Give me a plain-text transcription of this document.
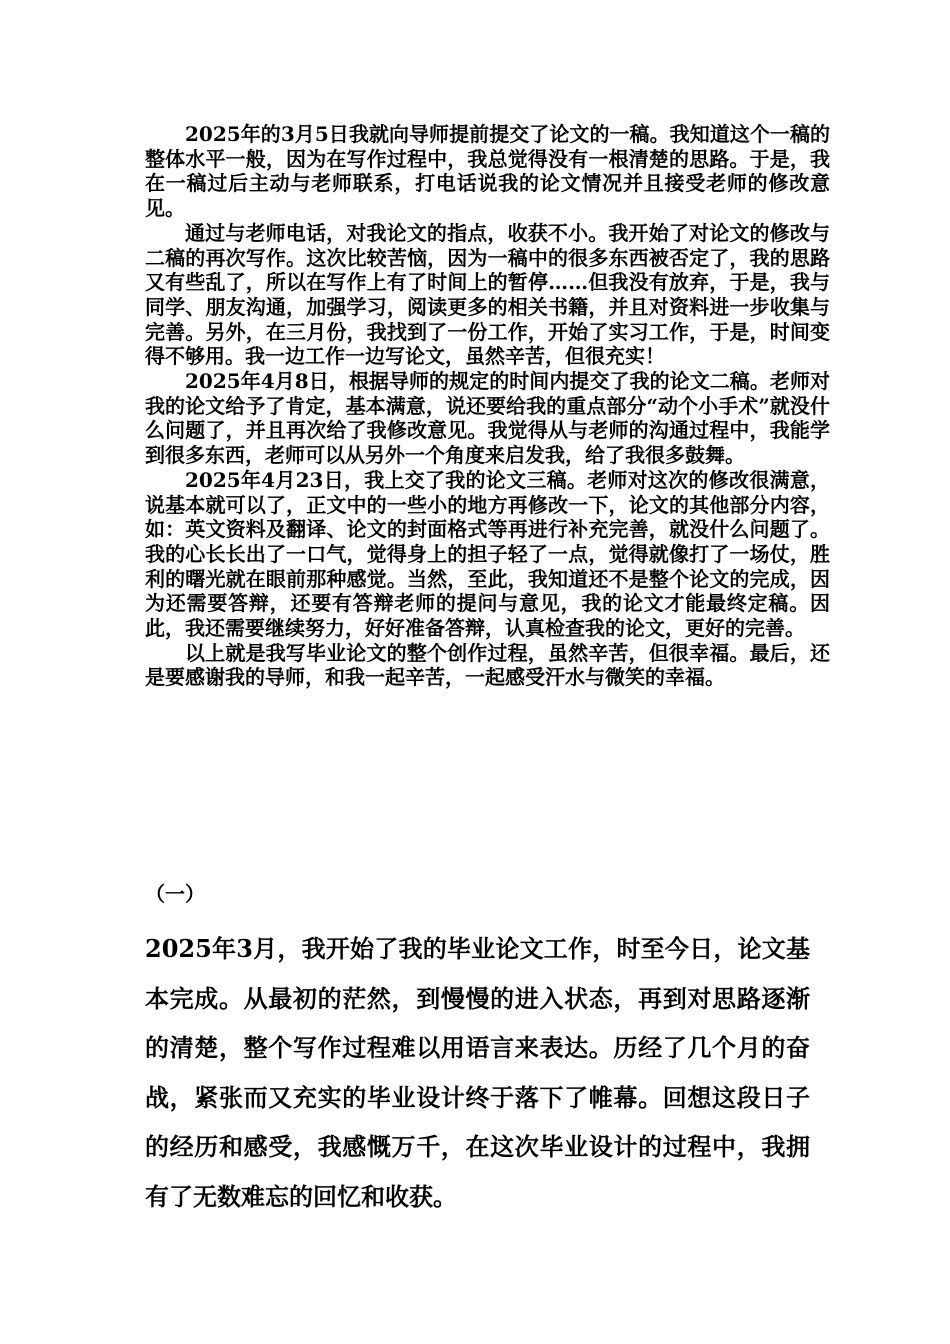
2025年的3月5日我就向导师提前提交了论文的一稿。我知道这个一稿的整体水平一般，因为在写作过程中，我总觉得没有一根清楚的思路。于是，我在一稿过后主动与老师联系，打电话说我的论文情况并且接受老师的修改意见。

通过与老师电话，对我论文的指点，收获不小。我开始了对论文的修改与二稿的再次写作。这次比较苦恼，因为一稿中的很多东西被否定了，我的思路又有些乱了，所以在写作上有了时间上的暂停……但我没有放弃，于是，我与同学、朋友沟通，加强学习，阅读更多的相关书籍，并且对资料进一步收集与完善。另外，在三月份，我找到了一份工作，开始了实习工作，于是，时间变得不够用。我一边工作一边写论文，虽然辛苦，但很充实！

2025年4月8日，根据导师的规定的时间内提交了我的论文二稿。老师对我的论文给予了肯定，基本满意，说还要给我的重点部分“动个小手术”就没什么问题了，并且再次给了我修改意见。我觉得从与老师的沟通过程中，我能学到很多东西，老师可以从另外一个角度来启发我，给了我很多鼓舞。

2025年4月23日，我上交了我的论文三稿。老师对这次的修改很满意，说基本就可以了，正文中的一些小的地方再修改一下，论文的其他部分内容，如：英文资料及翻译、论文的封面格式等再进行补充完善，就没什么问题了。我的心长长出了一口气，觉得身上的担子轻了一点，觉得就像打了一场仗，胜利的曙光就在眼前那种感觉。当然，至此，我知道还不是整个论文的完成，因为还需要答辩，还要有答辩老师的提问与意见，我的论文才能最终定稿。因此，我还需要继续努力，好好准备答辩，认真检查我的论文，更好的完善。

以上就是我写毕业论文的整个创作过程，虽然辛苦，但很幸福。最后，还是要感谢我的导师，和我一起辛苦，一起感受汗水与微笑的幸福。

（一）

2025年3月，我开始了我的毕业论文工作，时至今日，论文基本完成。从最初的茫然，到慢慢的进入状态，再到对思路逐渐的清楚，整个写作过程难以用语言来表达。历经了几个月的奋战，紧张而又充实的毕业设计终于落下了帷幕。回想这段日子的经历和感受，我感慨万千，在这次毕业设计的过程中，我拥有了无数难忘的回忆和收获。
